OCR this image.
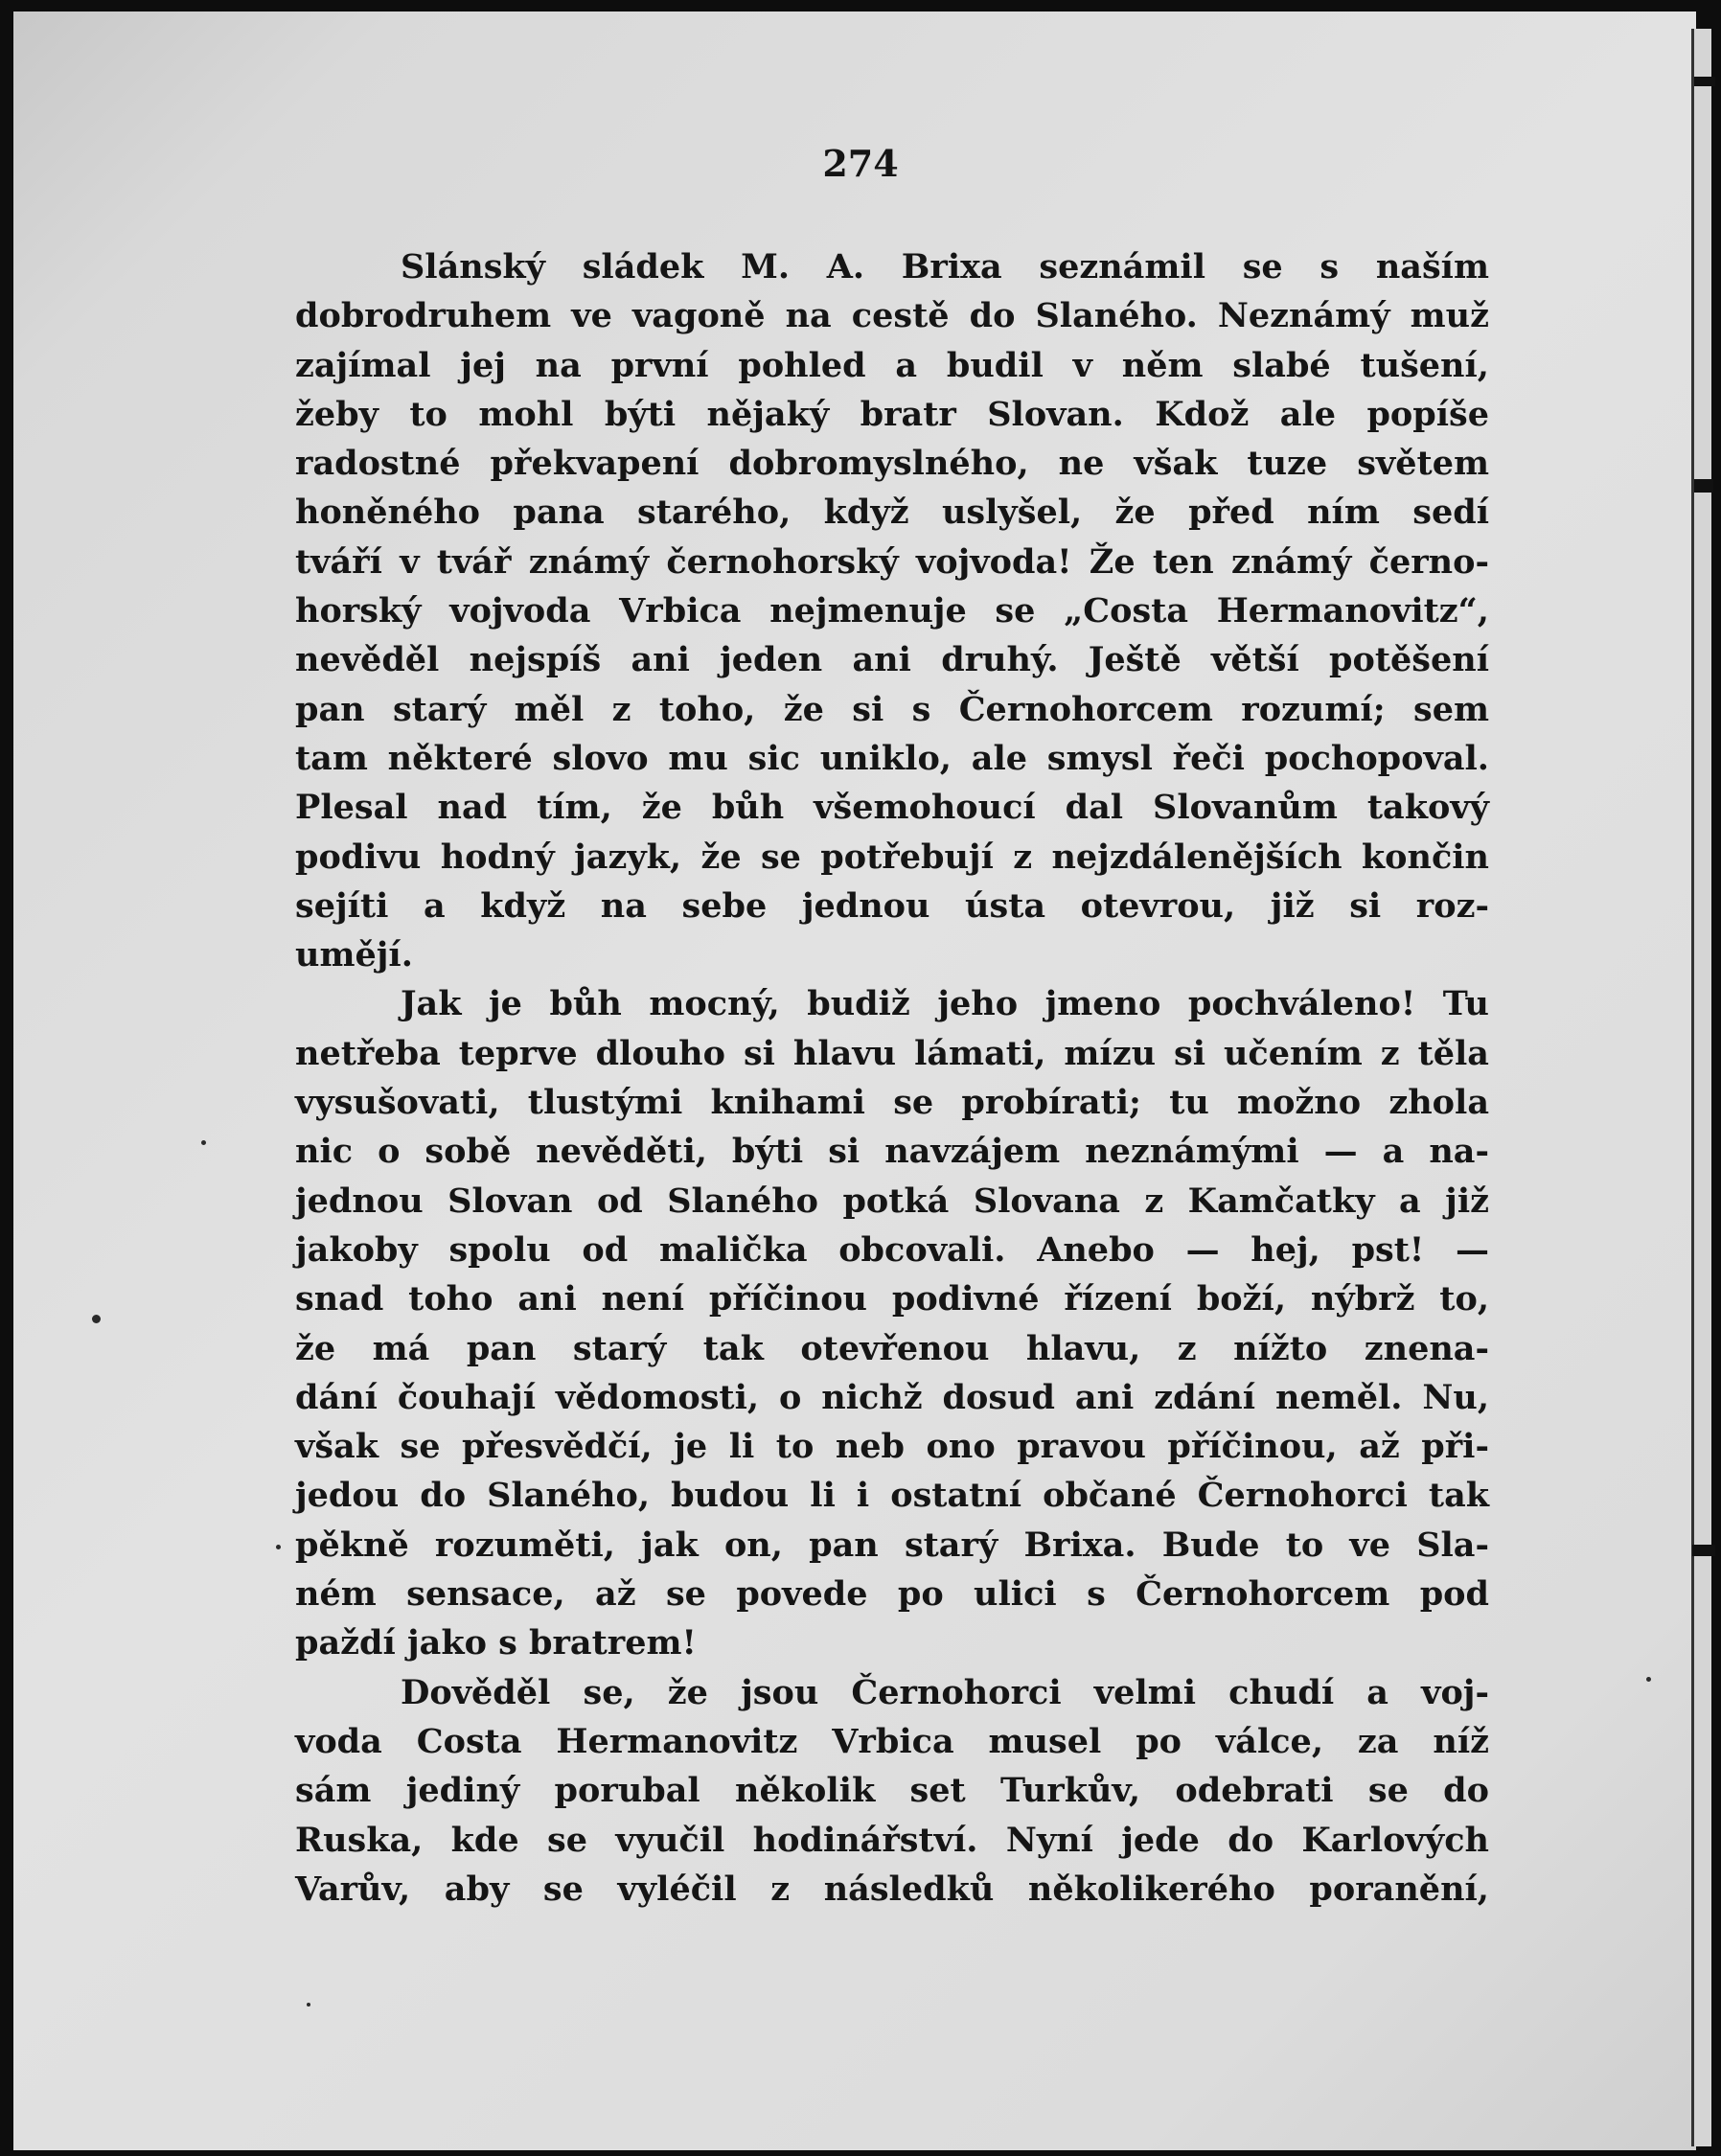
274
Slánský sládek M. A. Brixa seznámil se s naším
dobrodruhem ve vagoně na cestě do Slaného. Neznámý muž
zajímal jej na první pohled a budil v něm slabé tušení,
žeby to mohl býti nějaký bratr Slovan. Kdož ale popíše
radostné překvapení dobromyslného, ne však tuze světem
honěného pana starého, když uslyšel, že před ním sedí
tváří v tvář známý černohorský vojvoda! Že ten známý černo-
horský vojvoda Vrbica nejmenuje se „Costa Hermanovitz“,
nevěděl nejspíš ani jeden ani druhý. Ještě větší potěšení
pan starý měl z toho, že si s Černohorcem rozumí; sem
tam některé slovo mu sic uniklo, ale smysl řeči pochopoval.
Plesal nad tím, že bůh všemohoucí dal Slovanům takový
podivu hodný jazyk, že se potřebují z nejzdálenějších končin
sejíti a když na sebe jednou ústa otevrou, již si roz-
umějí.
Jak je bůh mocný, budiž jeho jmeno pochváleno! Tu
netřeba teprve dlouho si hlavu lámati, mízu si učením z těla
vysušovati, tlustými knihami se probírati; tu možno zhola
nic o sobě nevěděti, býti si navzájem neznámými — a na-
jednou Slovan od Slaného potká Slovana z Kamčatky a již
jakoby spolu od malička obcovali. Anebo — hej, pst! —
snad toho ani není příčinou podivné řízení boží, nýbrž to,
že má pan starý tak otevřenou hlavu, z nížto znena-
dání čouhají vědomosti, o nichž dosud ani zdání neměl. Nu,
však se přesvědčí, je li to neb ono pravou příčinou, až při-
jedou do Slaného, budou li i ostatní občané Černohorci tak
pěkně rozuměti, jak on, pan starý Brixa. Bude to ve Sla-
ném sensace, až se povede po ulici s Černohorcem pod
paždí jako s bratrem!
Dověděl se, že jsou Černohorci velmi chudí a voj-
voda Costa Hermanovitz Vrbica musel po válce, za níž
sám jediný porubal několik set Turkův, odebrati se do
Ruska, kde se vyučil hodinářství. Nyní jede do Karlových
Varův, aby se vyléčil z následků několikerého poranění,
